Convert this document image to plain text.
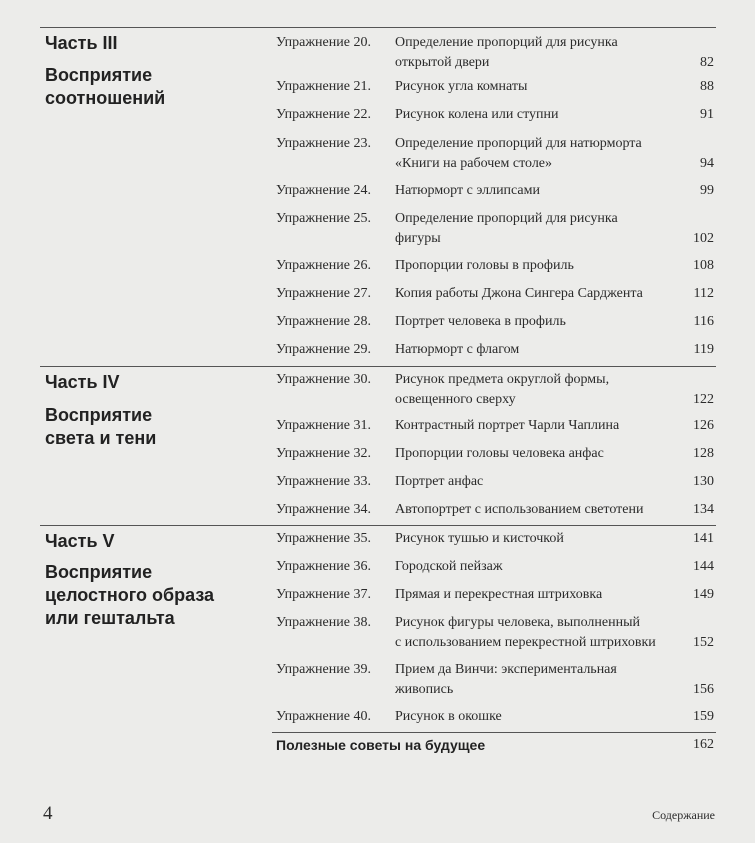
Часть III
Восприятие
соотношений
Часть IV
Восприятие
света и тени
Часть V
Восприятие
целостного образа
или гештальта
Упражнение 20. Определение пропорций для рисунка
открытой двери	82
Упражнение 21. Рисунок угла комнаты	88
Упражнение 22. Рисунок колена или ступни	91
Упражнение 23. Определение пропорций для натюрморта
«Книги на рабочем столе»	94
Упражнение 24. Натюрморт с эллипсами	99
Упражнение 25. Определение пропорций для рисунка
фигуры	102
Упражнение 26. Пропорции головы в профиль	108
Упражнение 27. Копия работы Джона Сингера Сарджента	112
Упражнение 28. Портрет человека в профиль	116
Упражнение 29. Натюрморт с флагом	119
Упражнение 30. Рисунок предмета округлой формы,
освещенного сверху	122
Упражнение 31. Контрастный портрет Чарли Чаплина	126
Упражнение 32. Пропорции головы человека анфас	128
Упражнение 33. Портрет анфас	130
Упражнение 34. Автопортрет с использованием светотени	134
Упражнение 35. Рисунок тушью и кисточкой	141
Упражнение 36. Городской пейзаж	144
Упражнение 37. Прямая и перекрестная штриховка	149
Упражнение 38. Рисунок фигуры человека, выполненный
с использованием перекрестной штриховки	152
Упражнение 39. Прием да Винчи: экспериментальная
живопись	156
Упражнение 40. Рисунок в окошке	159
Полезные советы на будущее	162
4	Содержание
